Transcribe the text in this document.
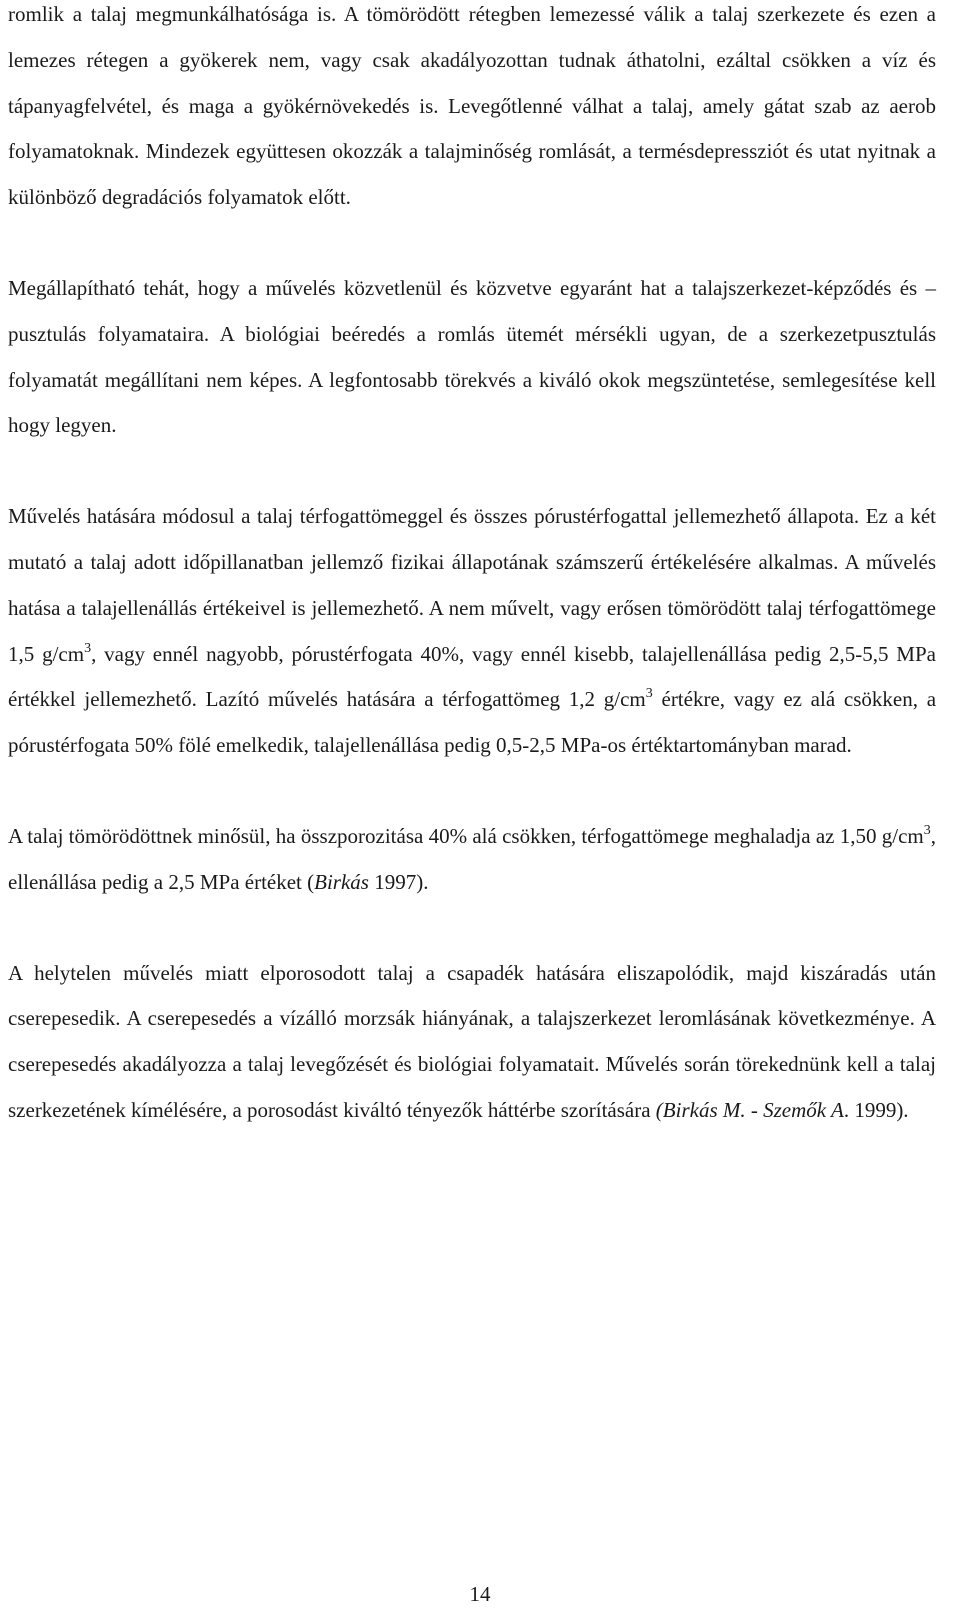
romlik a talaj megmunkálhatósága is. A tömörödött rétegben lemezessé válik a talaj szerkezete és ezen a lemezes rétegen a gyökerek nem, vagy csak akadályozottan tudnak áthatolni, ezáltal csökken a víz és tápanyagfelvétel, és maga a gyökérnövekedés is. Levegőtlenné válhat a talaj, amely gátat szab az aerob folyamatoknak. Mindezek együttesen okozzák a talajminőség romlását, a termésdepressziót és utat nyitnak a különböző degradációs folyamatok előtt.

Megállapítható tehát, hogy a művelés közvetlenül és közvetve egyaránt hat a talajszerkezet-képződés és – pusztulás folyamataira. A biológiai beéredés a romlás ütemét mérsékli ugyan, de a szerkezetpusztulás folyamatát megállítani nem képes. A legfontosabb törekvés a kiváló okok megszüntetése, semlegesítése kell hogy legyen.

Művelés hatására módosul a talaj térfogattömeggel és összes pórustérfogattal jellemezhető állapota. Ez a két mutató a talaj adott időpillanatban jellemző fizikai állapotának számszerű értékelésére alkalmas. A művelés hatása a talajellenállás értékeivel is jellemezhető. A nem művelt, vagy erősen tömörödött talaj térfogattömege 1,5 $g/cm^3$, vagy ennél nagyobb, pórustérfogata 40%, vagy ennél kisebb, talajellenállása pedig 2,5-5,5 MPa értékkel jellemezhető. Lazító művelés hatására a térfogattömeg 1,2 $g/cm^3$ értékre, vagy ez alá csökken, a pórustérfogata 50% fölé emelkedik, talajellenállása pedig 0,5-2,5 MPa-os értéktartományban marad.

A talaj tömörödöttnek minősül, ha összporozitása 40% alá csökken, térfogattömege meghaladja az 1,50 $g/cm^3$, ellenállása pedig a 2,5 MPa értéket (Birkás 1997).

A helytelen művelés miatt elporosodott talaj a csapadék hatására eliszapolódik, majd kiszáradás után cserepesedik. A cserepesedés a vízálló morzsák hiányának, a talajszerkezet leromlásának következménye. A cserepesedés akadályozza a talaj levegőzését és biológiai folyamatait. Művelés során törekednünk kell a talaj szerkezetének kímélésére, a porosodást kiváltó tényezők háttérbe szorítására (Birkás M. - Szemők A. 1999).

14
